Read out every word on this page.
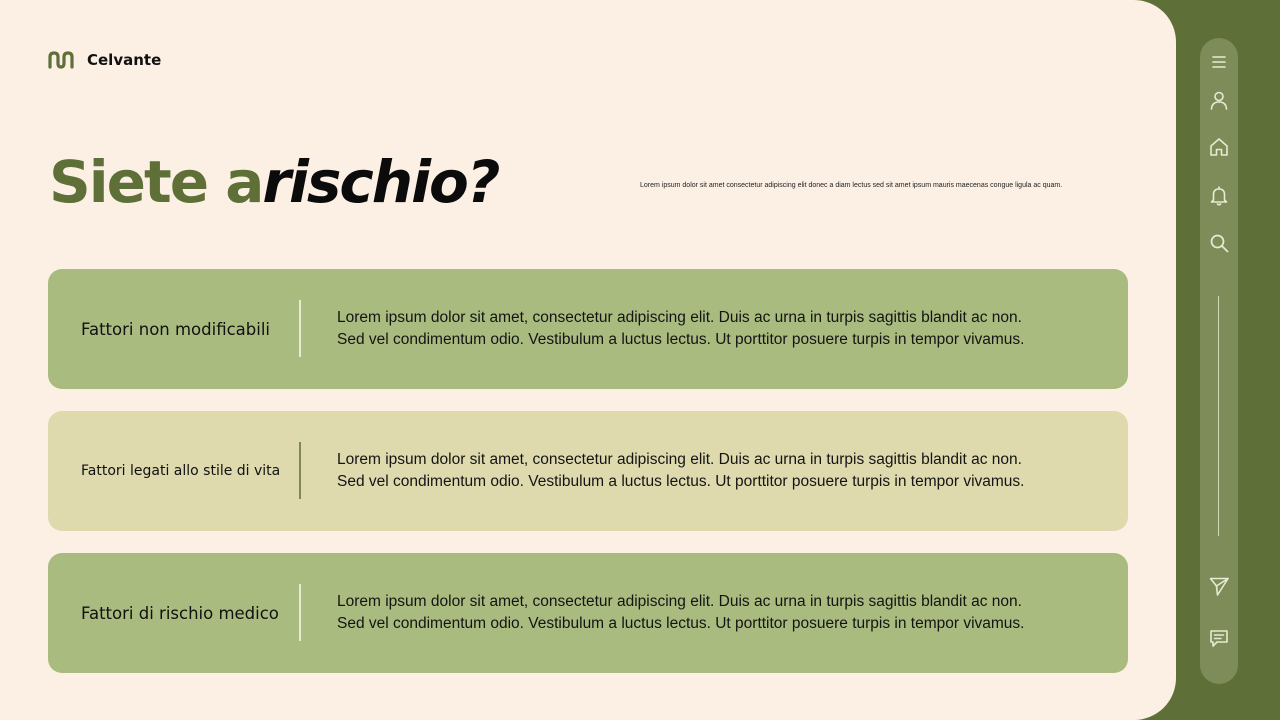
Celvante
Siete arischio?	Lorem ipsum dolor sit amet consectetur adipiscing elit donec a diam lectus sed sit amet ipsum mauris maecenas congue ligula ac quam.
Fattori non modificabili

Lorem ipsum dolor sit amet, consectetur adipiscing elit. Duis ac urna in turpis sagittis blandit ac non.
Sed vel condimentum odio. Vestibulum a luctus lectus. Ut porttitor posuere turpis in tempor vivamus.

Fattori legati allo stile di vita

Lorem ipsum dolor sit amet, consectetur adipiscing elit. Duis ac urna in turpis sagittis blandit ac non.
Sed vel condimentum odio. Vestibulum a luctus lectus. Ut porttitor posuere turpis in tempor vivamus.

Fattori di rischio medico

Lorem ipsum dolor sit amet, consectetur adipiscing elit. Duis ac urna in turpis sagittis blandit ac non.
Sed vel condimentum odio. Vestibulum a luctus lectus. Ut porttitor posuere turpis in tempor vivamus.
